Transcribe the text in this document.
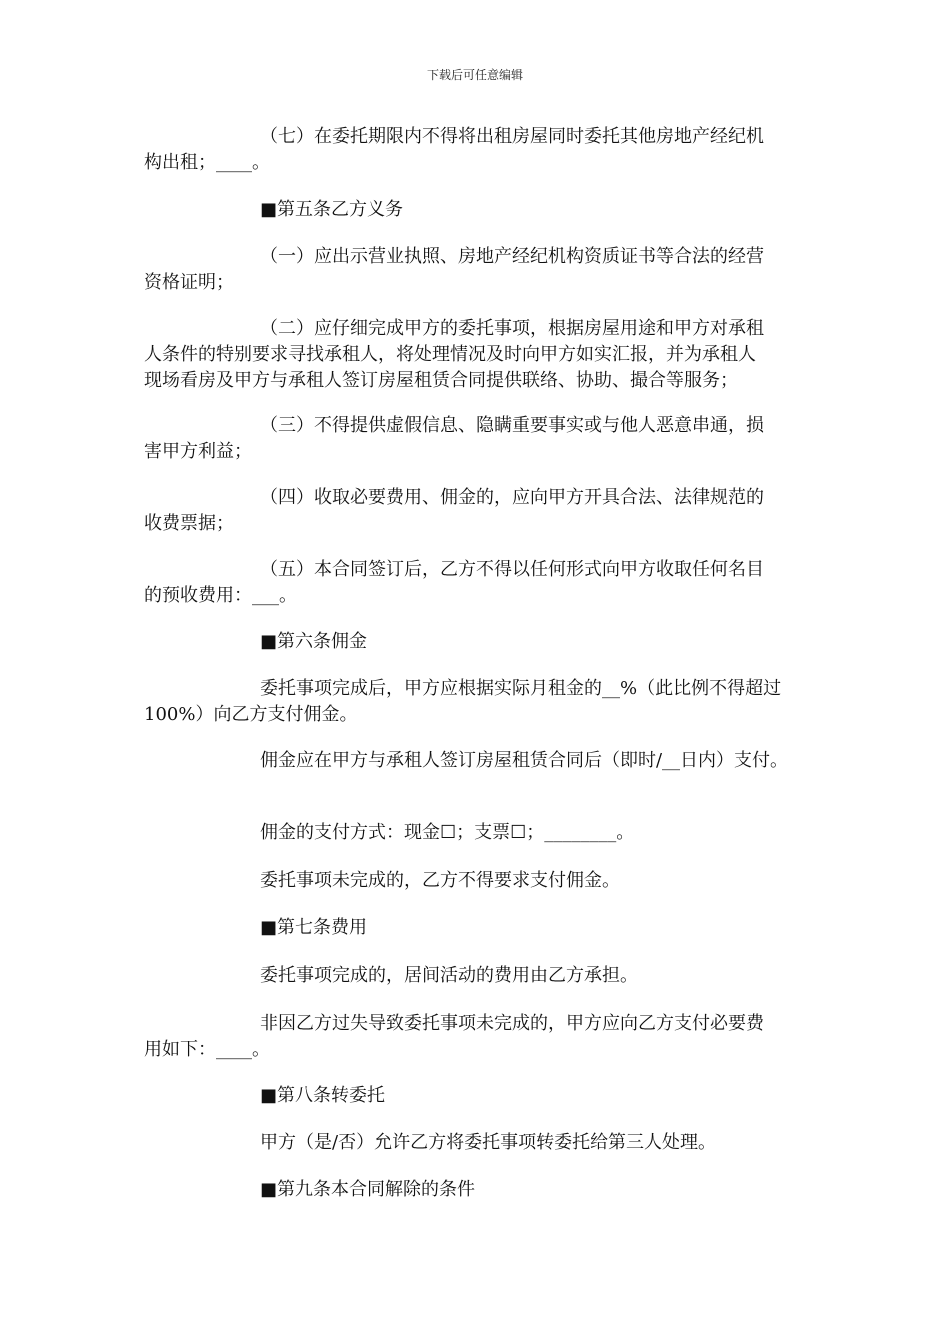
下载后可任意编辑
（七）在委托期限内不得将出租房屋同时委托其他房地产经纪机
构出租；____。
■第五条乙方义务
（一）应出示营业执照、房地产经纪机构资质证书等合法的经营
资格证明；
（二）应仔细完成甲方的委托事项，根据房屋用途和甲方对承租
人条件的特别要求寻找承租人，将处理情况及时向甲方如实汇报，并为承租人
现场看房及甲方与承租人签订房屋租赁合同提供联络、协助、撮合等服务；
（三）不得提供虚假信息、隐瞒重要事实或与他人恶意串通，损
害甲方利益；
（四）收取必要费用、佣金的，应向甲方开具合法、法律规范的
收费票据；
（五）本合同签订后，乙方不得以任何形式向甲方收取任何名目
的预收费用：___。
■第六条佣金
委托事项完成后，甲方应根据实际月租金的__%（此比例不得超过
100%）向乙方支付佣金。
佣金应在甲方与承租人签订房屋租赁合同后（即时/__日内）支付。
佣金的支付方式：现金☐；支票☐；________。
委托事项未完成的，乙方不得要求支付佣金。
■第七条费用
委托事项完成的，居间活动的费用由乙方承担。
非因乙方过失导致委托事项未完成的，甲方应向乙方支付必要费
用如下：____。
■第八条转委托
甲方（是/否）允许乙方将委托事项转委托给第三人处理。
■第九条本合同解除的条件
